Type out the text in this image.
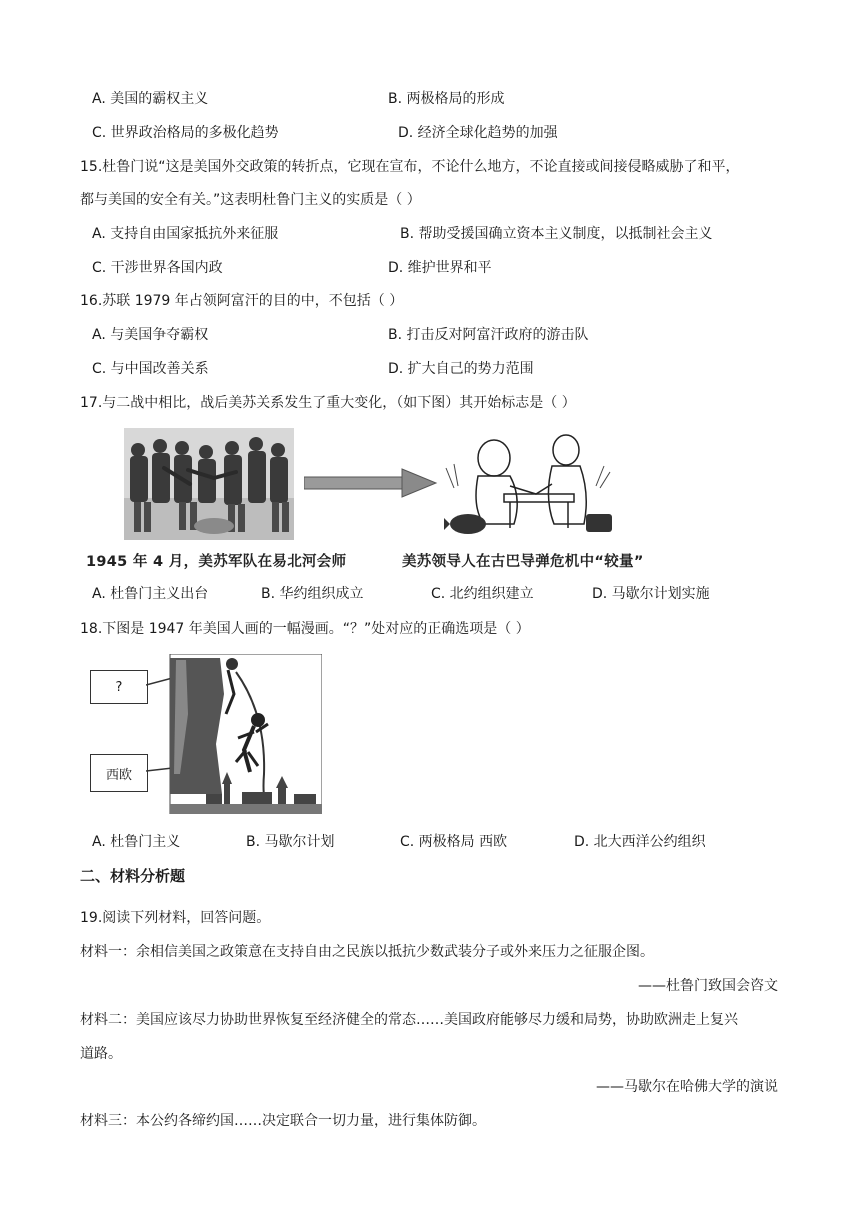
A. 美国的霸权主义	B. 两极格局的形成
C. 世界政治格局的多极化趋势	D. 经济全球化趋势的加强
15.杜鲁门说“这是美国外交政策的转折点，它现在宣布，不论什么地方，不论直接或间接侵略威胁了和平，
都与美国的安全有关。”这表明杜鲁门主义的实质是（ ）
A. 支持自由国家抵抗外来征服	B. 帮助受援国确立资本主义制度，以抵制社会主义
C. 干涉世界各国内政	D. 维护世界和平
16.苏联 1979 年占领阿富汗的目的中，不包括（ ）
A. 与美国争夺霸权	B. 打击反对阿富汗政府的游击队
C. 与中国改善关系	D. 扩大自己的势力范围
17.与二战中相比，战后美苏关系发生了重大变化，（如下图）其开始标志是（ ）
1945 年 4 月，美苏军队在易北河会师	美苏领导人在古巴导弹危机中“较量”
A. 杜鲁门主义出台	B. 华约组织成立	C. 北约组织建立	D. 马歇尔计划实施
18.下图是 1947 年美国人画的一幅漫画。“？”处对应的正确选项是（ ）
?
西欧
A. 杜鲁门主义	B. 马歇尔计划	C. 两极格局 西欧	D. 北大西洋公约组织
二、材料分析题
19.阅读下列材料，回答问题。
材料一：余相信美国之政策意在支持自由之民族以抵抗少数武装分子或外来压力之征服企图。
——杜鲁门致国会咨文
材料二：美国应该尽力协助世界恢复至经济健全的常态……美国政府能够尽力缓和局势，协助欧洲走上复兴
道路。
——马歇尔在哈佛大学的演说
材料三：本公约各缔约国……决定联合一切力量，进行集体防御。
